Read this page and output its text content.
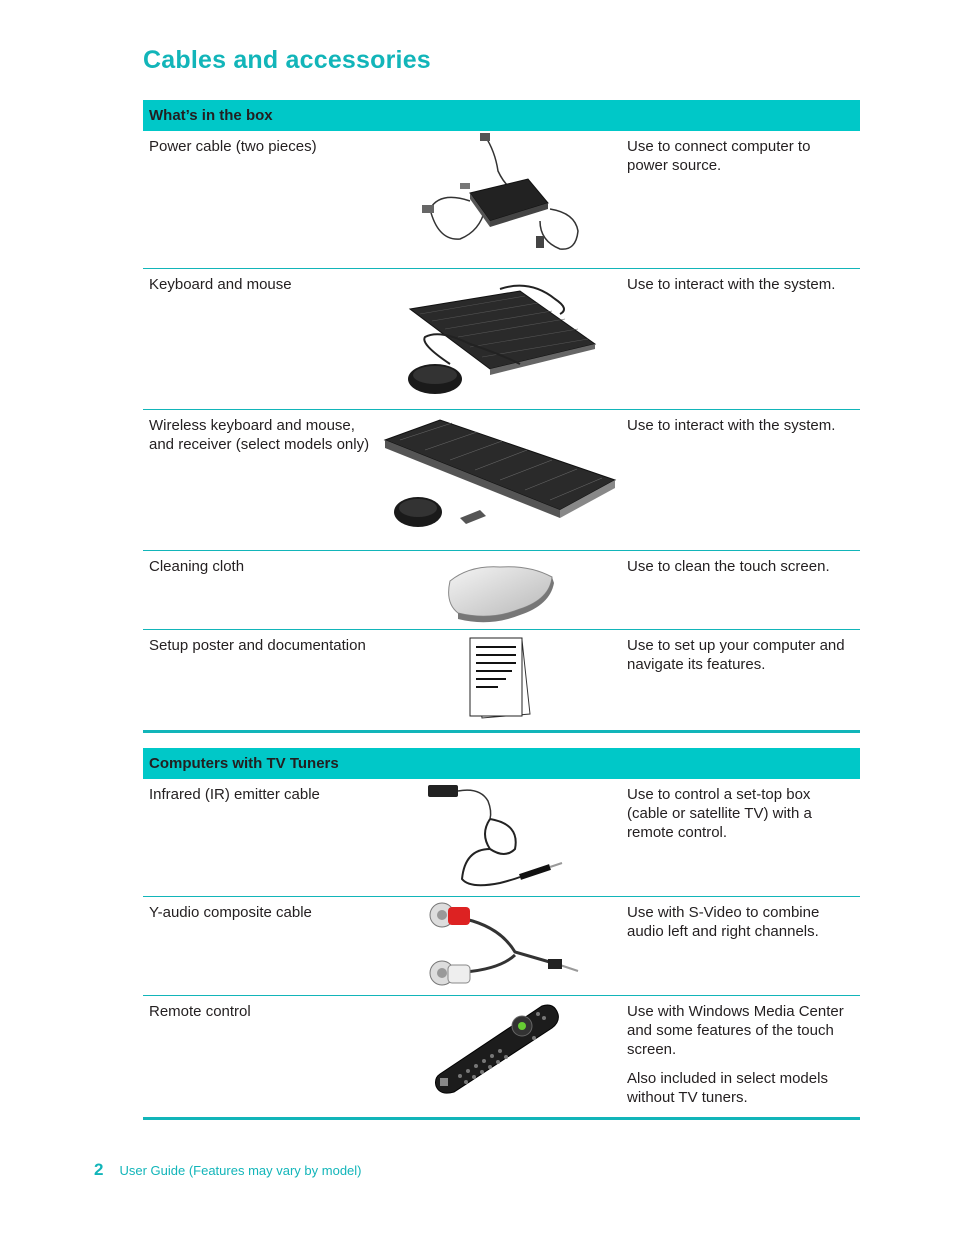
Cables and accessories
What’s in the box		
Power cable (two pieces)		Use to connect computer to power source.

Keyboard and mouse		Use to interact with the system.

Wireless keyboard and mouse, and receiver (select models only)		Use to interact with the system.

Cleaning cloth		Use to clean the touch screen.

Setup poster and documentation		Use to set up your computer and navigate its features.

Computers with TV Tuners		
Infrared (IR) emitter cable		Use to control a set-top box (cable or satellite TV) with a remote control.

Y-audio composite cable		Use with S-Video to combine audio left and right channels.

Remote control		Use with Windows Media Center and some features of the touch screen.

Also included in select models without TV tuners.

2 User Guide (Features may vary by model)
